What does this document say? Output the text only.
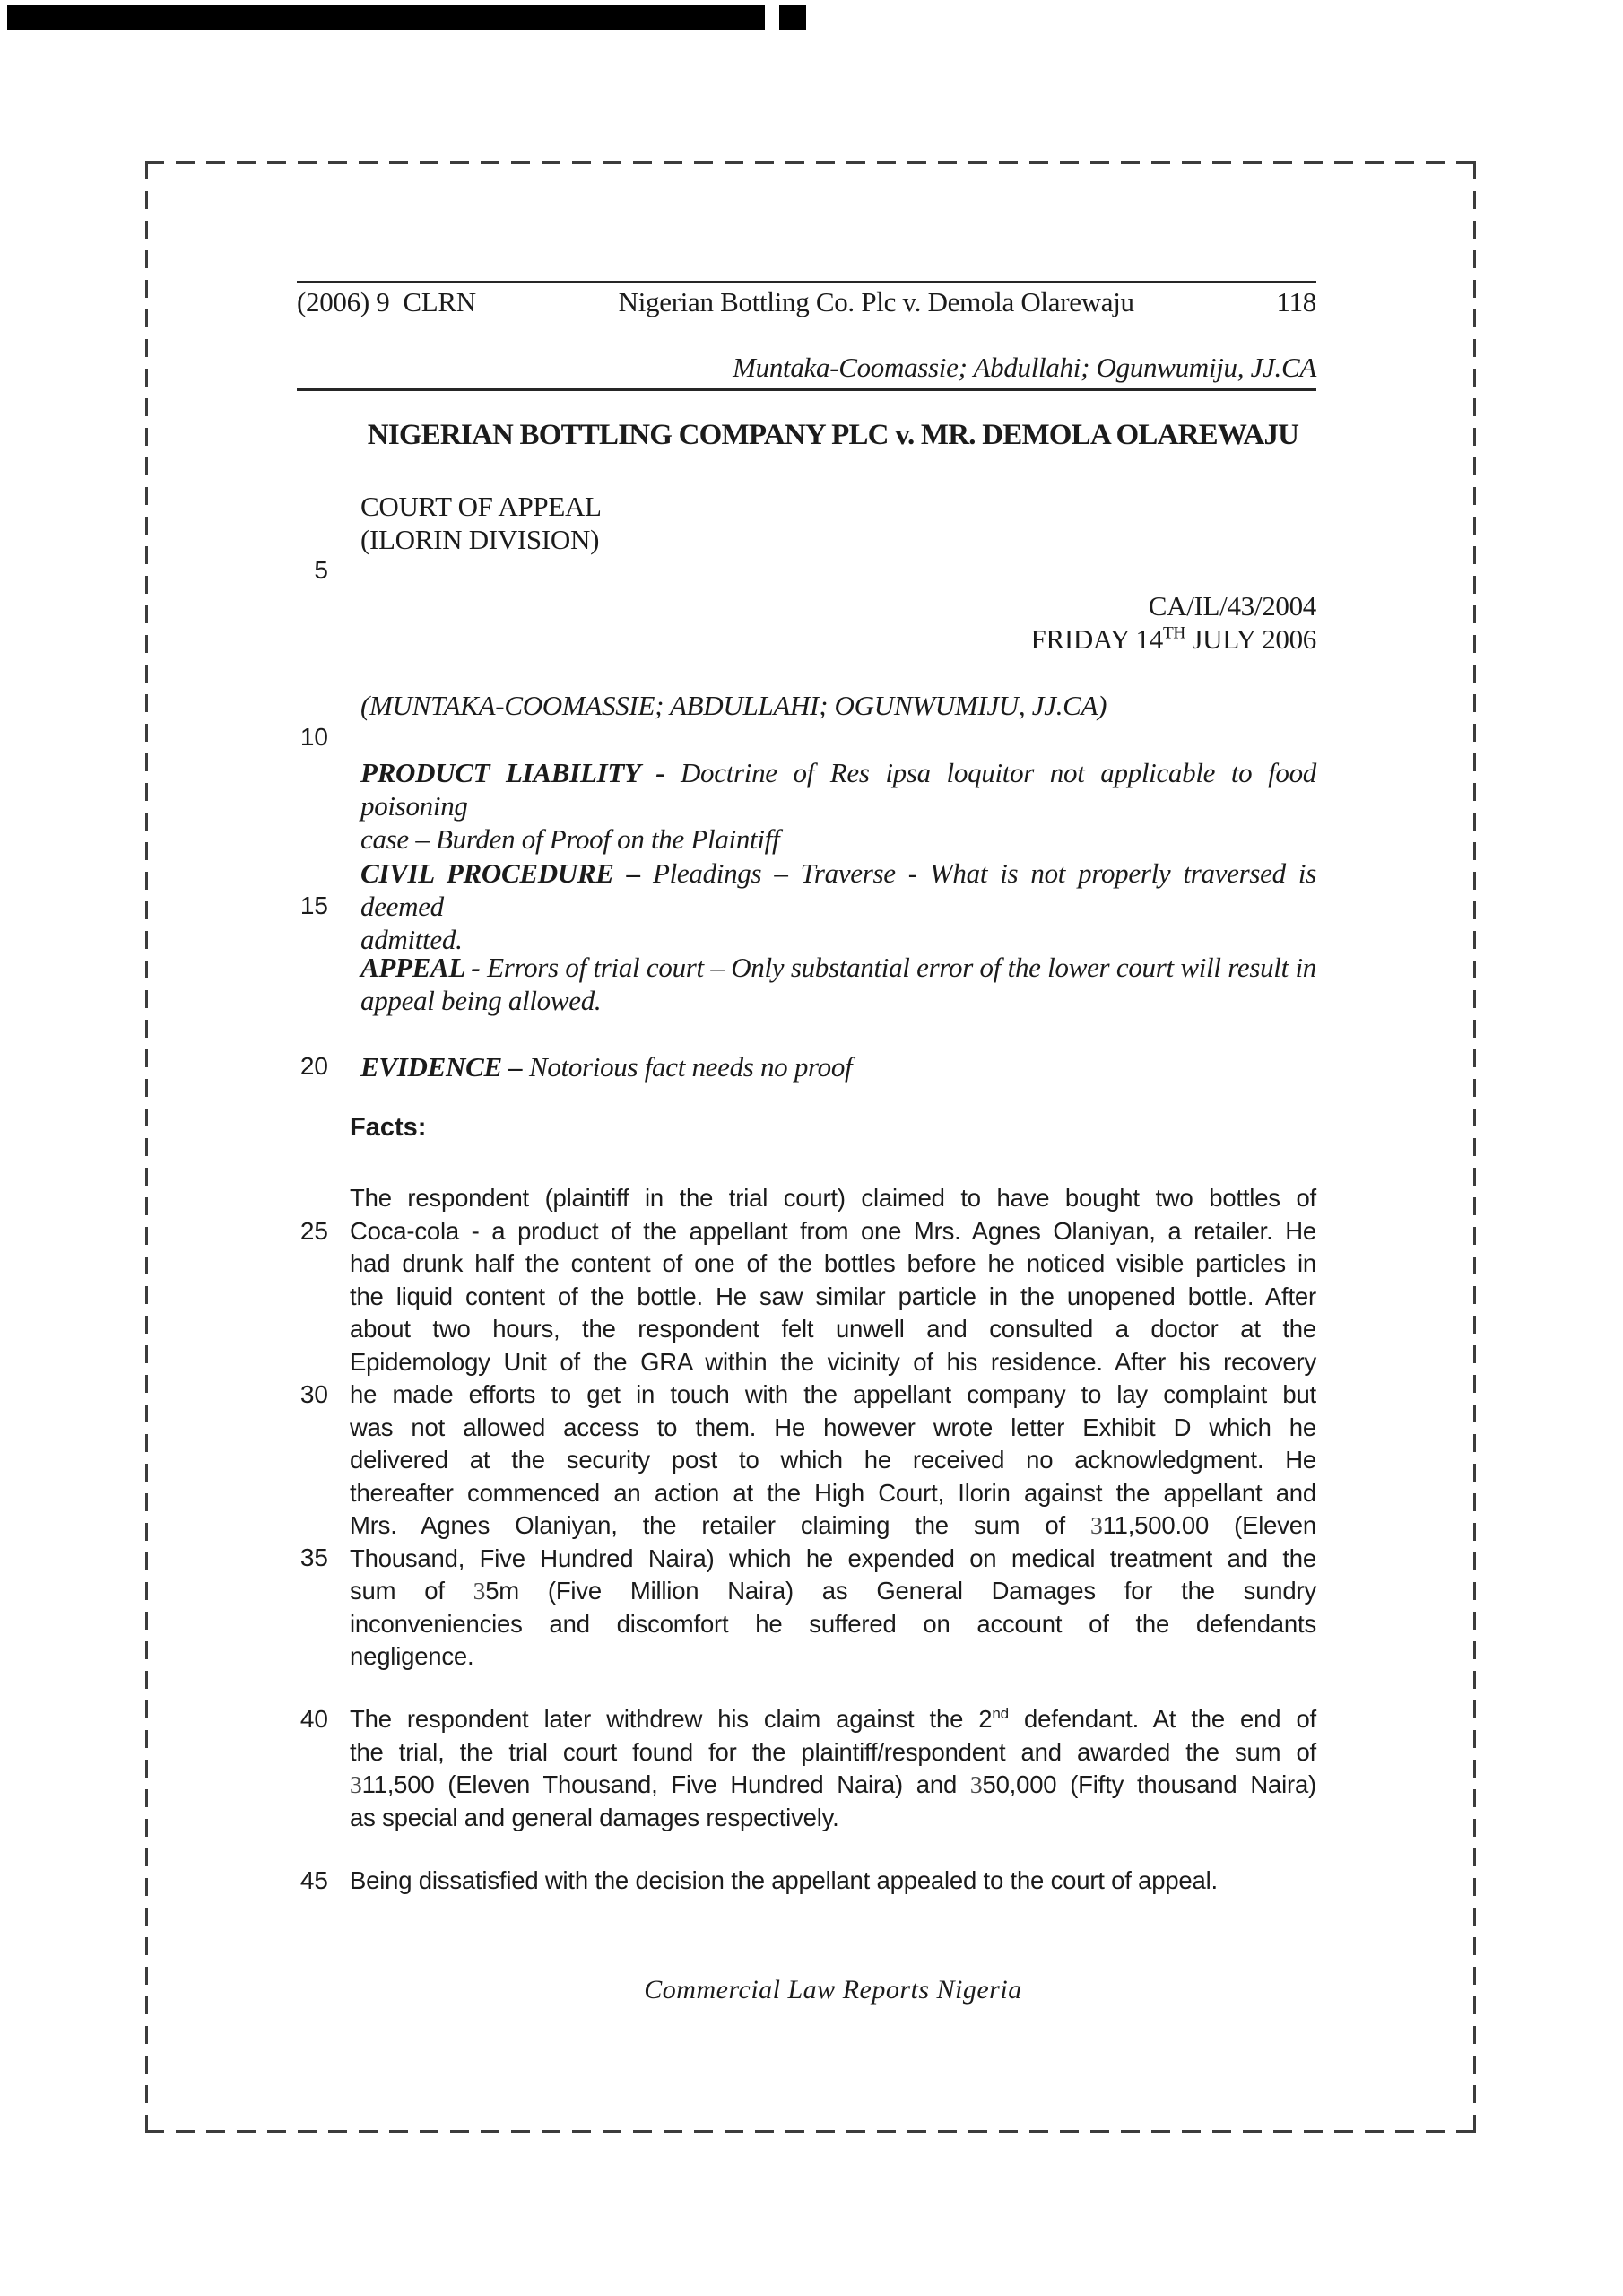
(2006) 9  CLRN	Nigerian Bottling Co. Plc v. Demola Olarewaju	118
Muntaka-Coomassie; Abdullahi; Ogunwumiju, JJ.CA
NIGERIAN BOTTLING COMPANY PLC v. MR. DEMOLA OLAREWAJU
COURT OF APPEAL
(ILORIN DIVISION)
CA/IL/43/2004
FRIDAY 14TH JULY 2006
(MUNTAKA-COOMASSIE; ABDULLAHI; OGUNWUMIJU, JJ.CA)
PRODUCT LIABILITY - Doctrine of Res ipsa loquitor not applicable to food poisoning
case – Burden of Proof on the Plaintiff
CIVIL PROCEDURE – Pleadings – Traverse - What is not properly traversed is deemed
admitted.
APPEAL - Errors of trial court – Only substantial error of the lower court will result in
appeal being allowed.
EVIDENCE – Notorious fact needs no proof
Facts:
The respondent (plaintiff in the trial court) claimed to have bought two bottles of
Coca-cola - a product of the appellant from one Mrs. Agnes Olaniyan, a retailer. He
had drunk half the content of one of the bottles before he noticed visible particles in
the liquid content of the bottle. He saw similar particle in the unopened bottle. After
about two hours, the respondent felt unwell and consulted a doctor at the
Epidemology Unit of the GRA within the vicinity of his residence. After his recovery
he made efforts to get in touch with the appellant company to lay complaint but
was not allowed access to them. He however wrote letter Exhibit D which he
delivered at the security post to which he received no acknowledgment. He
thereafter commenced an action at the High Court, Ilorin against the appellant and
Mrs. Agnes Olaniyan, the retailer claiming the sum of 311,500.00 (Eleven
Thousand, Five Hundred Naira) which he expended on medical treatment and the
sum of 35m (Five Million Naira) as General Damages for the sundry
inconveniencies and discomfort he suffered on account of the defendants
negligence.
The respondent later withdrew his claim against the 2nd defendant. At the end of
the trial, the trial court found for the plaintiff/respondent and awarded the sum of
311,500 (Eleven Thousand, Five Hundred Naira) and 350,000 (Fifty thousand Naira)
as special and general damages respectively.
Being dissatisfied with the decision the appellant appealed to the court of appeal.
5
10
15
20
25
30
35
40
45
Commercial Law Reports Nigeria
